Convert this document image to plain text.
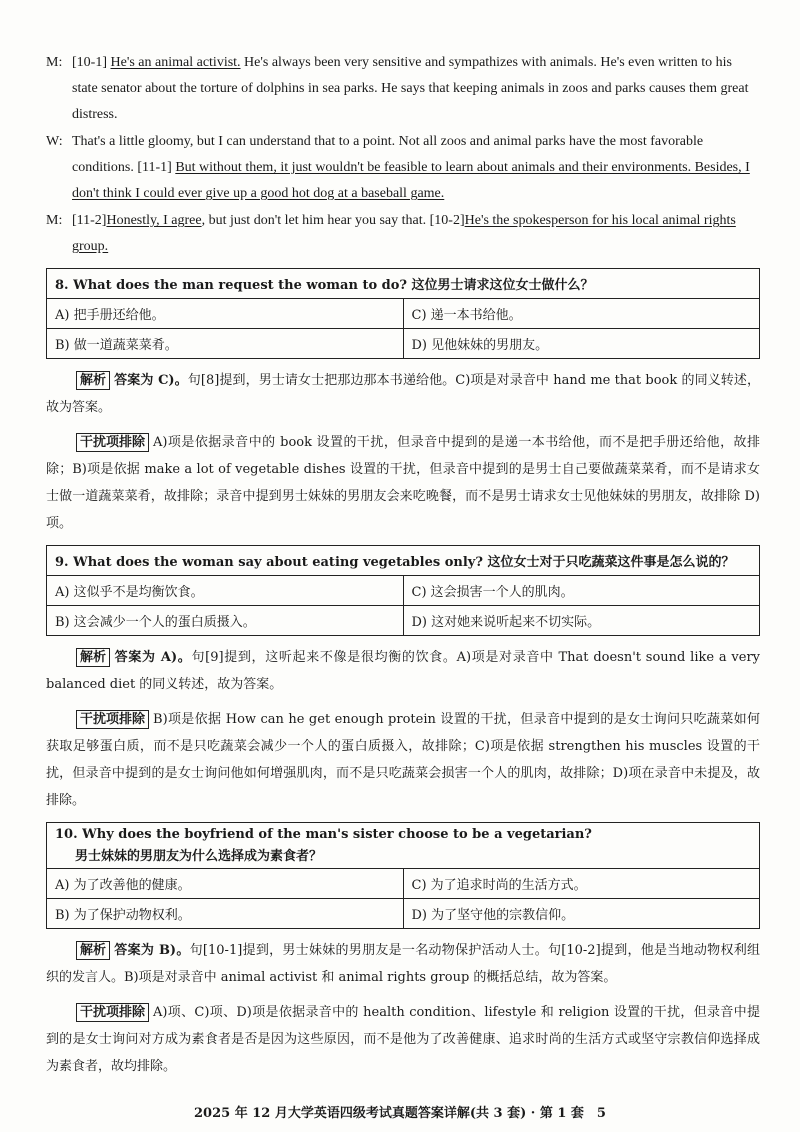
M: [10-1] He's an animal activist. He's always been very sensitive and sympathizes with animals. He's even written to his state senator about the torture of dolphins in sea parks. He says that keeping animals in zoos and parks causes them great distress.
W: That's a little gloomy, but I can understand that to a point. Not all zoos and animal parks have the most favorable conditions. [11-1] But without them, it just wouldn't be feasible to learn about animals and their environments. Besides, I don't think I could ever give up a good hot dog at a baseball game.
M: [11-2]Honestly, I agree, but just don't let him hear you say that. [10-2]He's the spokesperson for his local animal rights group.
8. What does the man request the woman to do? 这位男士请求这位女士做什么？	
A) 把手册还给他。	C) 递一本书给他。
B) 做一道蔬菜菜肴。	D) 见他妹妹的男朋友。

解析 答案为 C)。句[8]提到，男士请女士把那边那本书递给他。C)项是对录音中 hand me that book 的同义转述，故为答案。

干扰项排除 A)项是依据录音中的 book 设置的干扰，但录音中提到的是递一本书给他，而不是把手册还给他，故排除；B)项是依据 make a lot of vegetable dishes 设置的干扰，但录音中提到的是男士自己要做蔬菜菜肴，而不是请求女士做一道蔬菜菜肴，故排除；录音中提到男士妹妹的男朋友会来吃晚餐，而不是男士请求女士见他妹妹的男朋友，故排除 D)项。

9. What does the woman say about eating vegetables only? 这位女士对于只吃蔬菜这件事是怎么说的？	
A) 这似乎不是均衡饮食。	C) 这会损害一个人的肌肉。
B) 这会减少一个人的蛋白质摄入。	D) 这对她来说听起来不切实际。

解析 答案为 A)。句[9]提到，这听起来不像是很均衡的饮食。A)项是对录音中 That doesn't sound like a very balanced diet 的同义转述，故为答案。

干扰项排除 B)项是依据 How can he get enough protein 设置的干扰，但录音中提到的是女士询问只吃蔬菜如何获取足够蛋白质，而不是只吃蔬菜会减少一个人的蛋白质摄入，故排除；C)项是依据 strengthen his muscles 设置的干扰，但录音中提到的是女士询问他如何增强肌肉，而不是只吃蔬菜会损害一个人的肌肉，故排除；D)项在录音中未提及，故排除。

10. Why does the boyfriend of the man's sister choose to be a vegetarian?
男士妹妹的男朋友为什么选择成为素食者？	

A) 为了改善他的健康。	C) 为了追求时尚的生活方式。
B) 为了保护动物权利。	D) 为了坚守他的宗教信仰。

解析 答案为 B)。句[10-1]提到，男士妹妹的男朋友是一名动物保护活动人士。句[10-2]提到，他是当地动物权利组织的发言人。B)项是对录音中 animal activist 和 animal rights group 的概括总结，故为答案。

干扰项排除 A)项、C)项、D)项是依据录音中的 health condition、lifestyle 和 religion 设置的干扰，但录音中提到的是女士询问对方成为素食者是否是因为这些原因，而不是他为了改善健康、追求时尚的生活方式或坚守宗教信仰选择成为素食者，故均排除。

2025 年 12 月大学英语四级考试真题答案详解(共 3 套) · 第 1 套　5
